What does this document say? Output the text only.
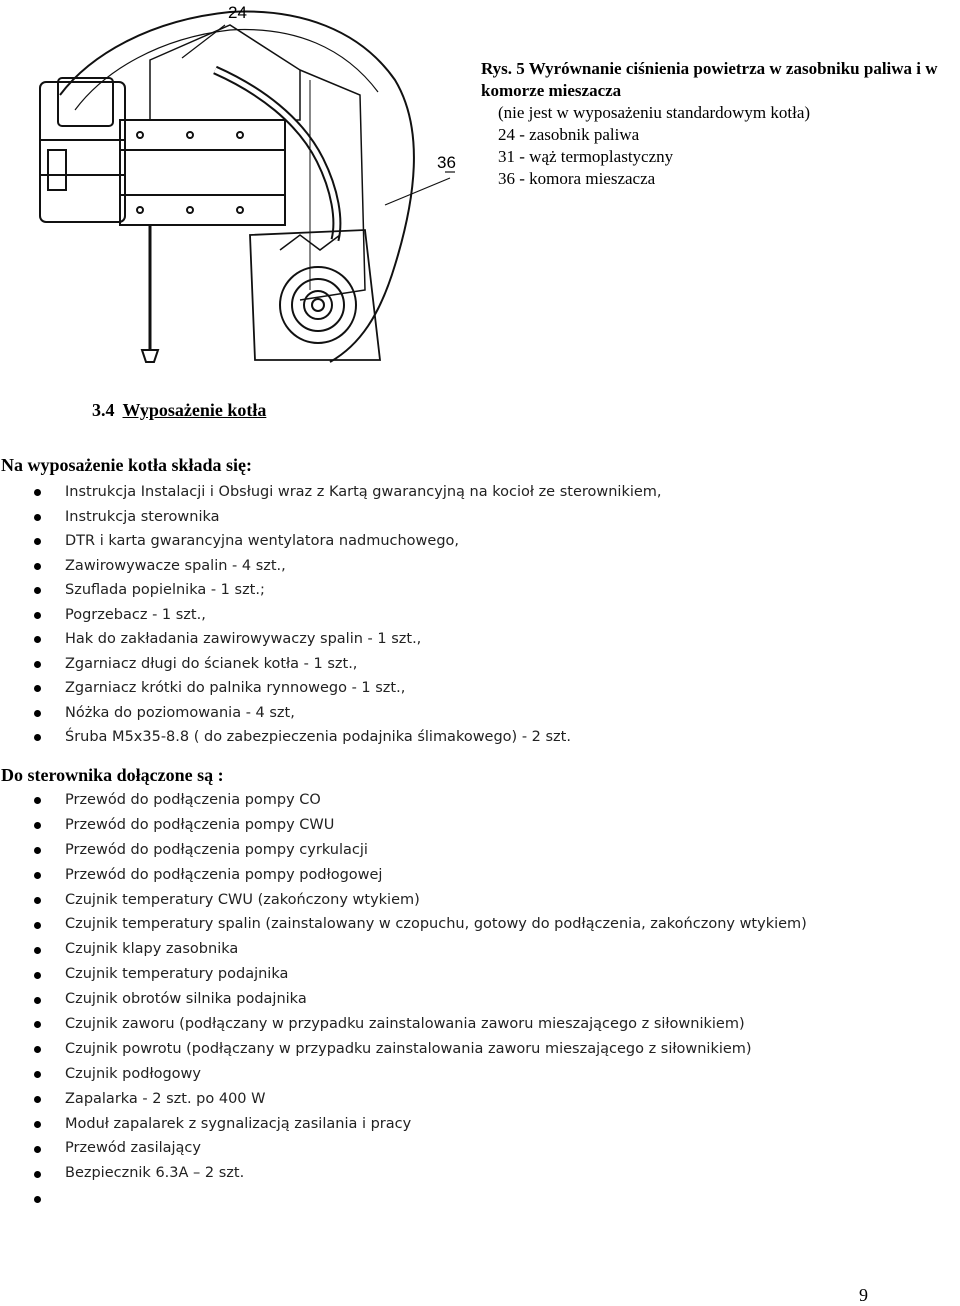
24
36
Rys. 5 Wyrównanie ciśnienia powietrza w zasobniku paliwa i w komorze mieszacza
(nie jest w wyposażeniu standardowym kotła)
24 - zasobnik paliwa
31 - wąż termoplastyczny
36 - komora mieszacza
3.4 Wyposażenie kotła
Na wyposażenie kotła składa się:
Instrukcja Instalacji i Obsługi wraz z Kartą gwarancyjną na kocioł ze sterownikiem,
Instrukcja sterownika
DTR i karta gwarancyjna wentylatora nadmuchowego,
Zawirowywacze spalin - 4 szt.,
Szuflada popielnika - 1 szt.;
Pogrzebacz - 1 szt.,
Hak do zakładania zawirowywaczy spalin - 1 szt.,
Zgarniacz długi do ścianek kotła - 1 szt.,
Zgarniacz krótki do palnika rynnowego - 1 szt.,
Nóżka do poziomowania - 4 szt,
Śruba M5x35-8.8 ( do zabezpieczenia podajnika ślimakowego) - 2 szt.
Do sterownika dołączone są :
Przewód do podłączenia pompy CO
Przewód do podłączenia pompy CWU
Przewód do podłączenia pompy cyrkulacji
Przewód do podłączenia pompy podłogowej
Czujnik temperatury CWU (zakończony wtykiem)
Czujnik temperatury spalin (zainstalowany w czopuchu, gotowy do podłączenia, zakończony wtykiem)
Czujnik klapy zasobnika
Czujnik temperatury podajnika
Czujnik obrotów silnika podajnika
Czujnik zaworu (podłączany w przypadku zainstalowania zaworu mieszającego z siłownikiem)
Czujnik powrotu (podłączany w przypadku zainstalowania zaworu mieszającego z siłownikiem)
Czujnik podłogowy
Zapalarka - 2 szt. po 400 W
Moduł zapalarek z sygnalizacją zasilania i pracy
Przewód zasilający
Bezpiecznik 6.3A – 2 szt.
9
